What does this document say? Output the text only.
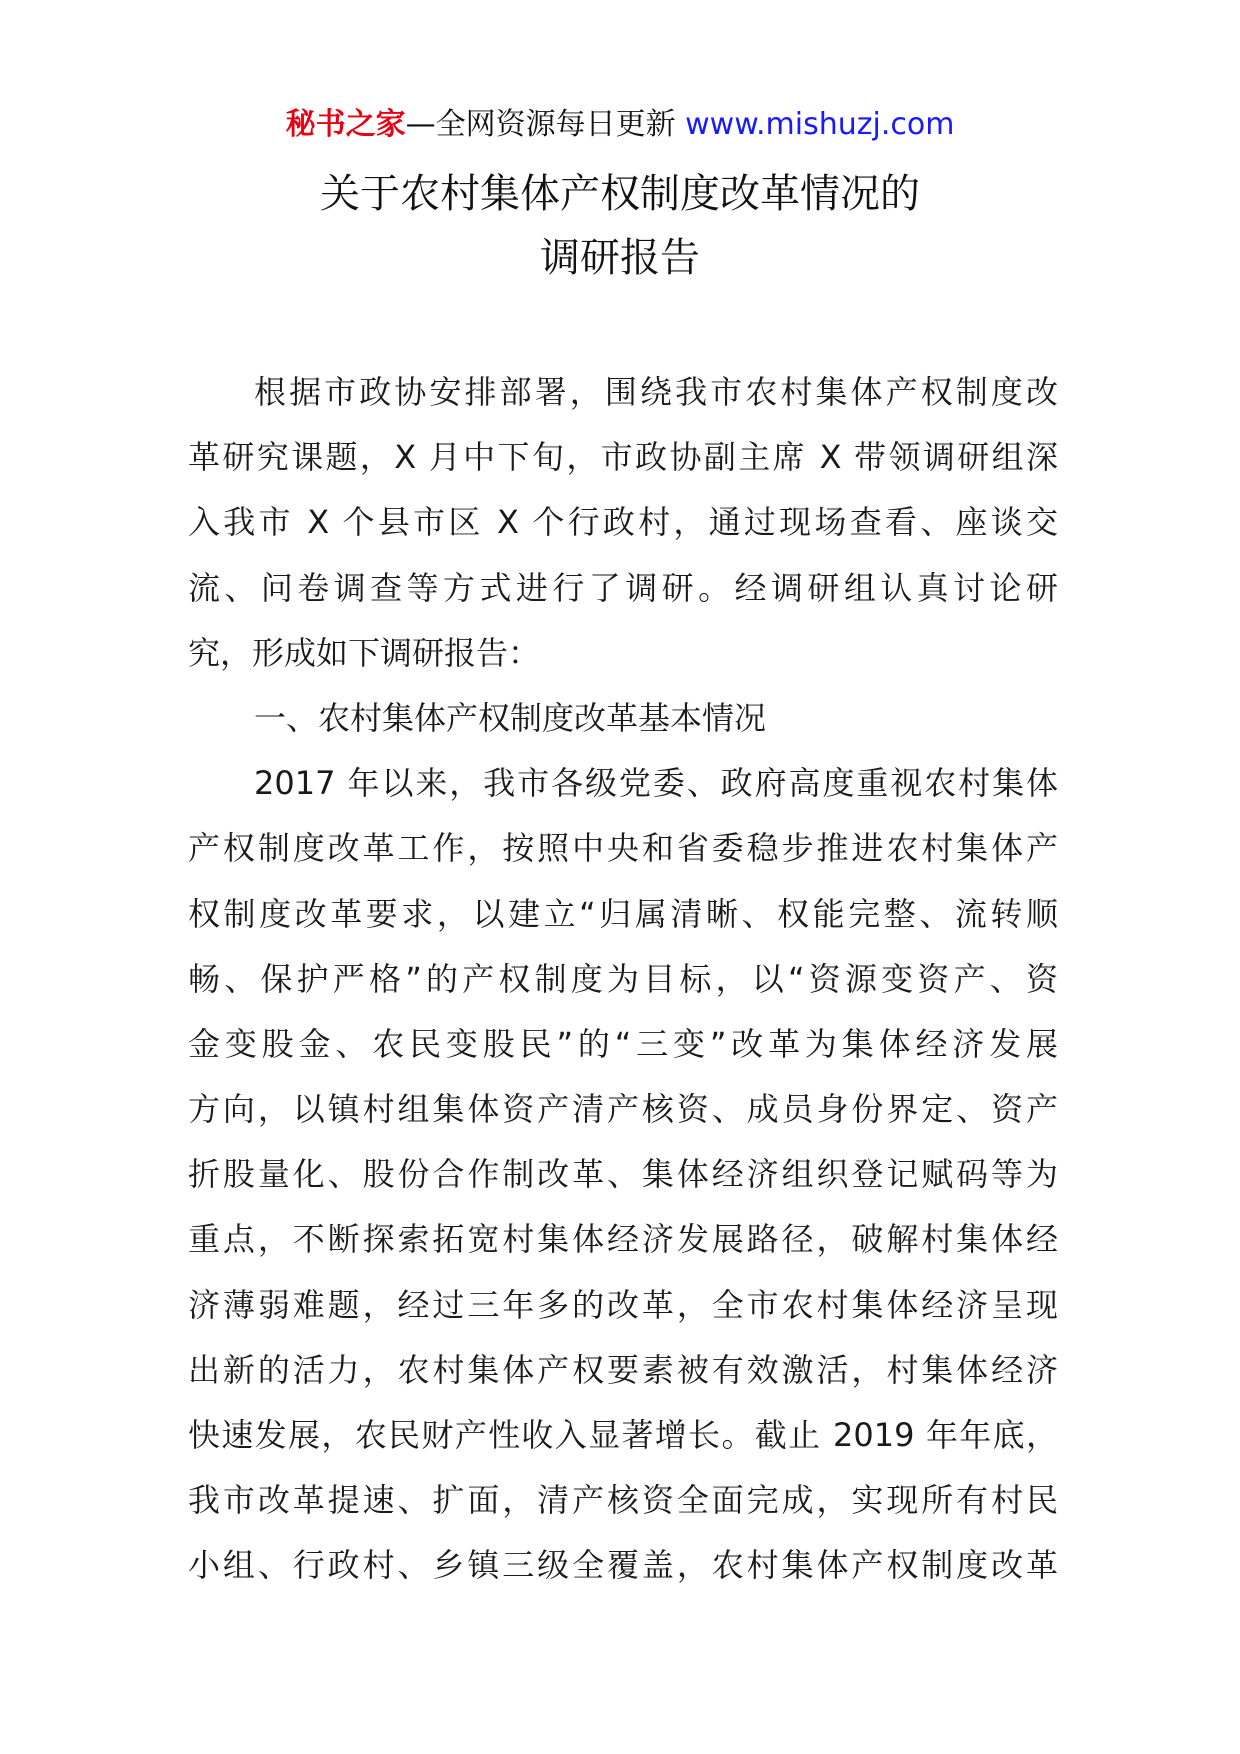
秘书之家—全网资源每日更新 www.mishuzj.com
关于农村集体产权制度改革情况的
调研报告
根据市政协安排部署，围绕我市农村集体产权制度改
革研究课题，X 月中下旬，市政协副主席 X 带领调研组深
入我市 X 个县市区 X 个行政村，通过现场查看、座谈交
流、问卷调查等方式进行了调研。经调研组认真讨论研
究，形成如下调研报告：
一、农村集体产权制度改革基本情况
2017 年以来，我市各级党委、政府高度重视农村集体
产权制度改革工作，按照中央和省委稳步推进农村集体产
权制度改革要求，以建立“归属清晰、权能完整、流转顺
畅、保护严格”的产权制度为目标，以“资源变资产、资
金变股金、农民变股民”的“三变”改革为集体经济发展
方向，以镇村组集体资产清产核资、成员身份界定、资产
折股量化、股份合作制改革、集体经济组织登记赋码等为
重点，不断探索拓宽村集体经济发展路径，破解村集体经
济薄弱难题，经过三年多的改革，全市农村集体经济呈现
出新的活力，农村集体产权要素被有效激活，村集体经济
快速发展，农民财产性收入显著增长。截止 2019 年年底，
我市改革提速、扩面，清产核资全面完成，实现所有村民
小组、行政村、乡镇三级全覆盖，农村集体产权制度改革
